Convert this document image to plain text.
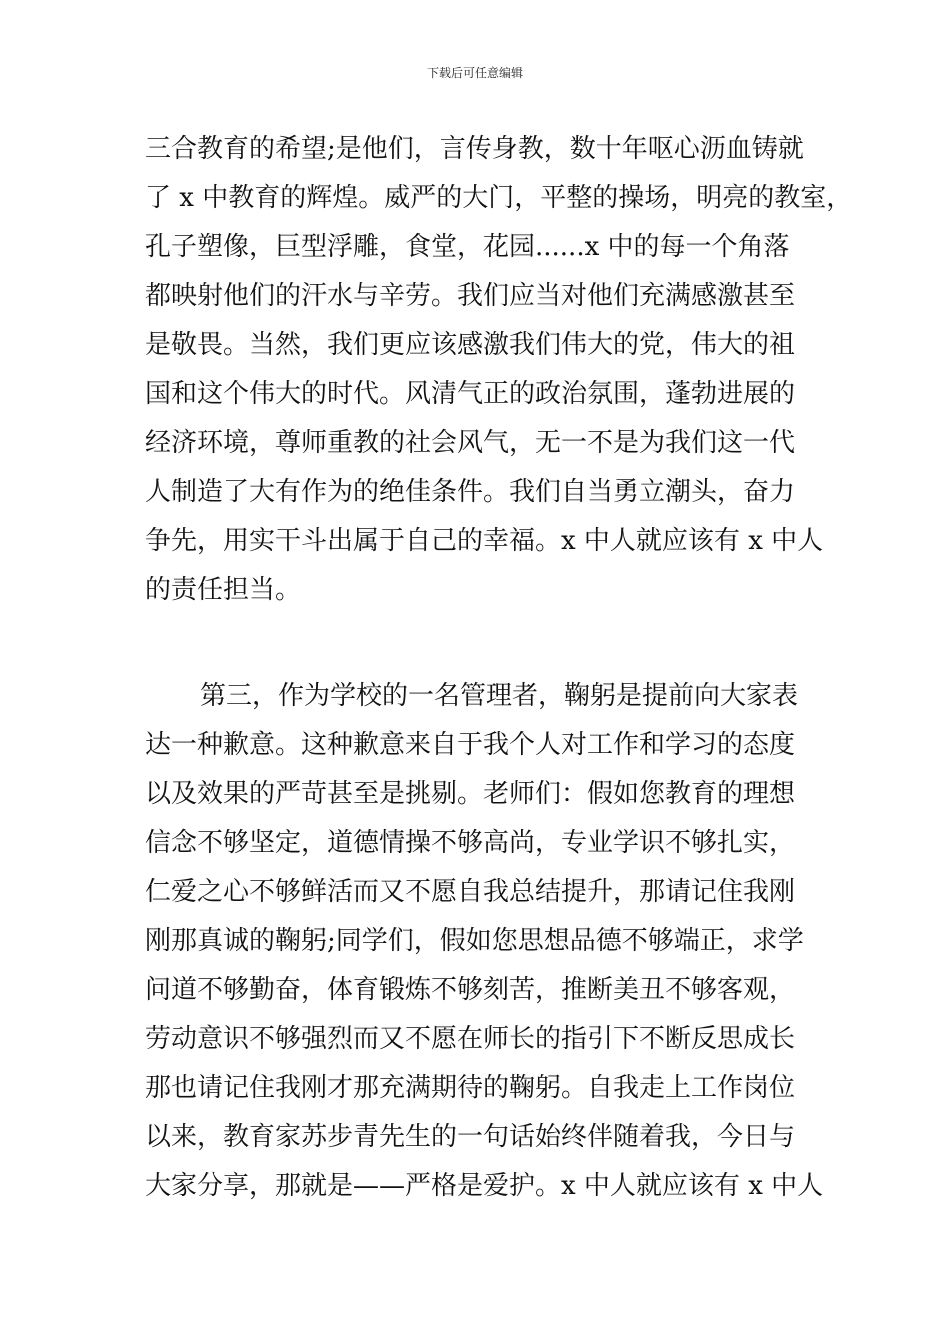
下载后可任意编辑
三合教育的希望;是他们，言传身教，数十年呕心沥血铸就
了 x 中教育的辉煌。威严的大门，平整的操场，明亮的教室，
孔子塑像，巨型浮雕，食堂，花园......x 中的每一个角落
都映射他们的汗水与辛劳。我们应当对他们充满感激甚至
是敬畏。当然，我们更应该感激我们伟大的党，伟大的祖
国和这个伟大的时代。风清气正的政治氛围，蓬勃进展的
经济环境，尊师重教的社会风气，无一不是为我们这一代
人制造了大有作为的绝佳条件。我们自当勇立潮头，奋力
争先，用实干斗出属于自己的幸福。x 中人就应该有 x 中人
的责任担当。
第三，作为学校的一名管理者，鞠躬是提前向大家表
达一种歉意。这种歉意来自于我个人对工作和学习的态度
以及效果的严苛甚至是挑剔。老师们：假如您教育的理想
信念不够坚定，道德情操不够高尚，专业学识不够扎实，
仁爱之心不够鲜活而又不愿自我总结提升，那请记住我刚
刚那真诚的鞠躬;同学们，假如您思想品德不够端正，求学
问道不够勤奋，体育锻炼不够刻苦，推断美丑不够客观，
劳动意识不够强烈而又不愿在师长的指引下不断反思成长
那也请记住我刚才那充满期待的鞠躬。自我走上工作岗位
以来，教育家苏步青先生的一句话始终伴随着我，今日与
大家分享，那就是——严格是爱护。x 中人就应该有 x 中人
